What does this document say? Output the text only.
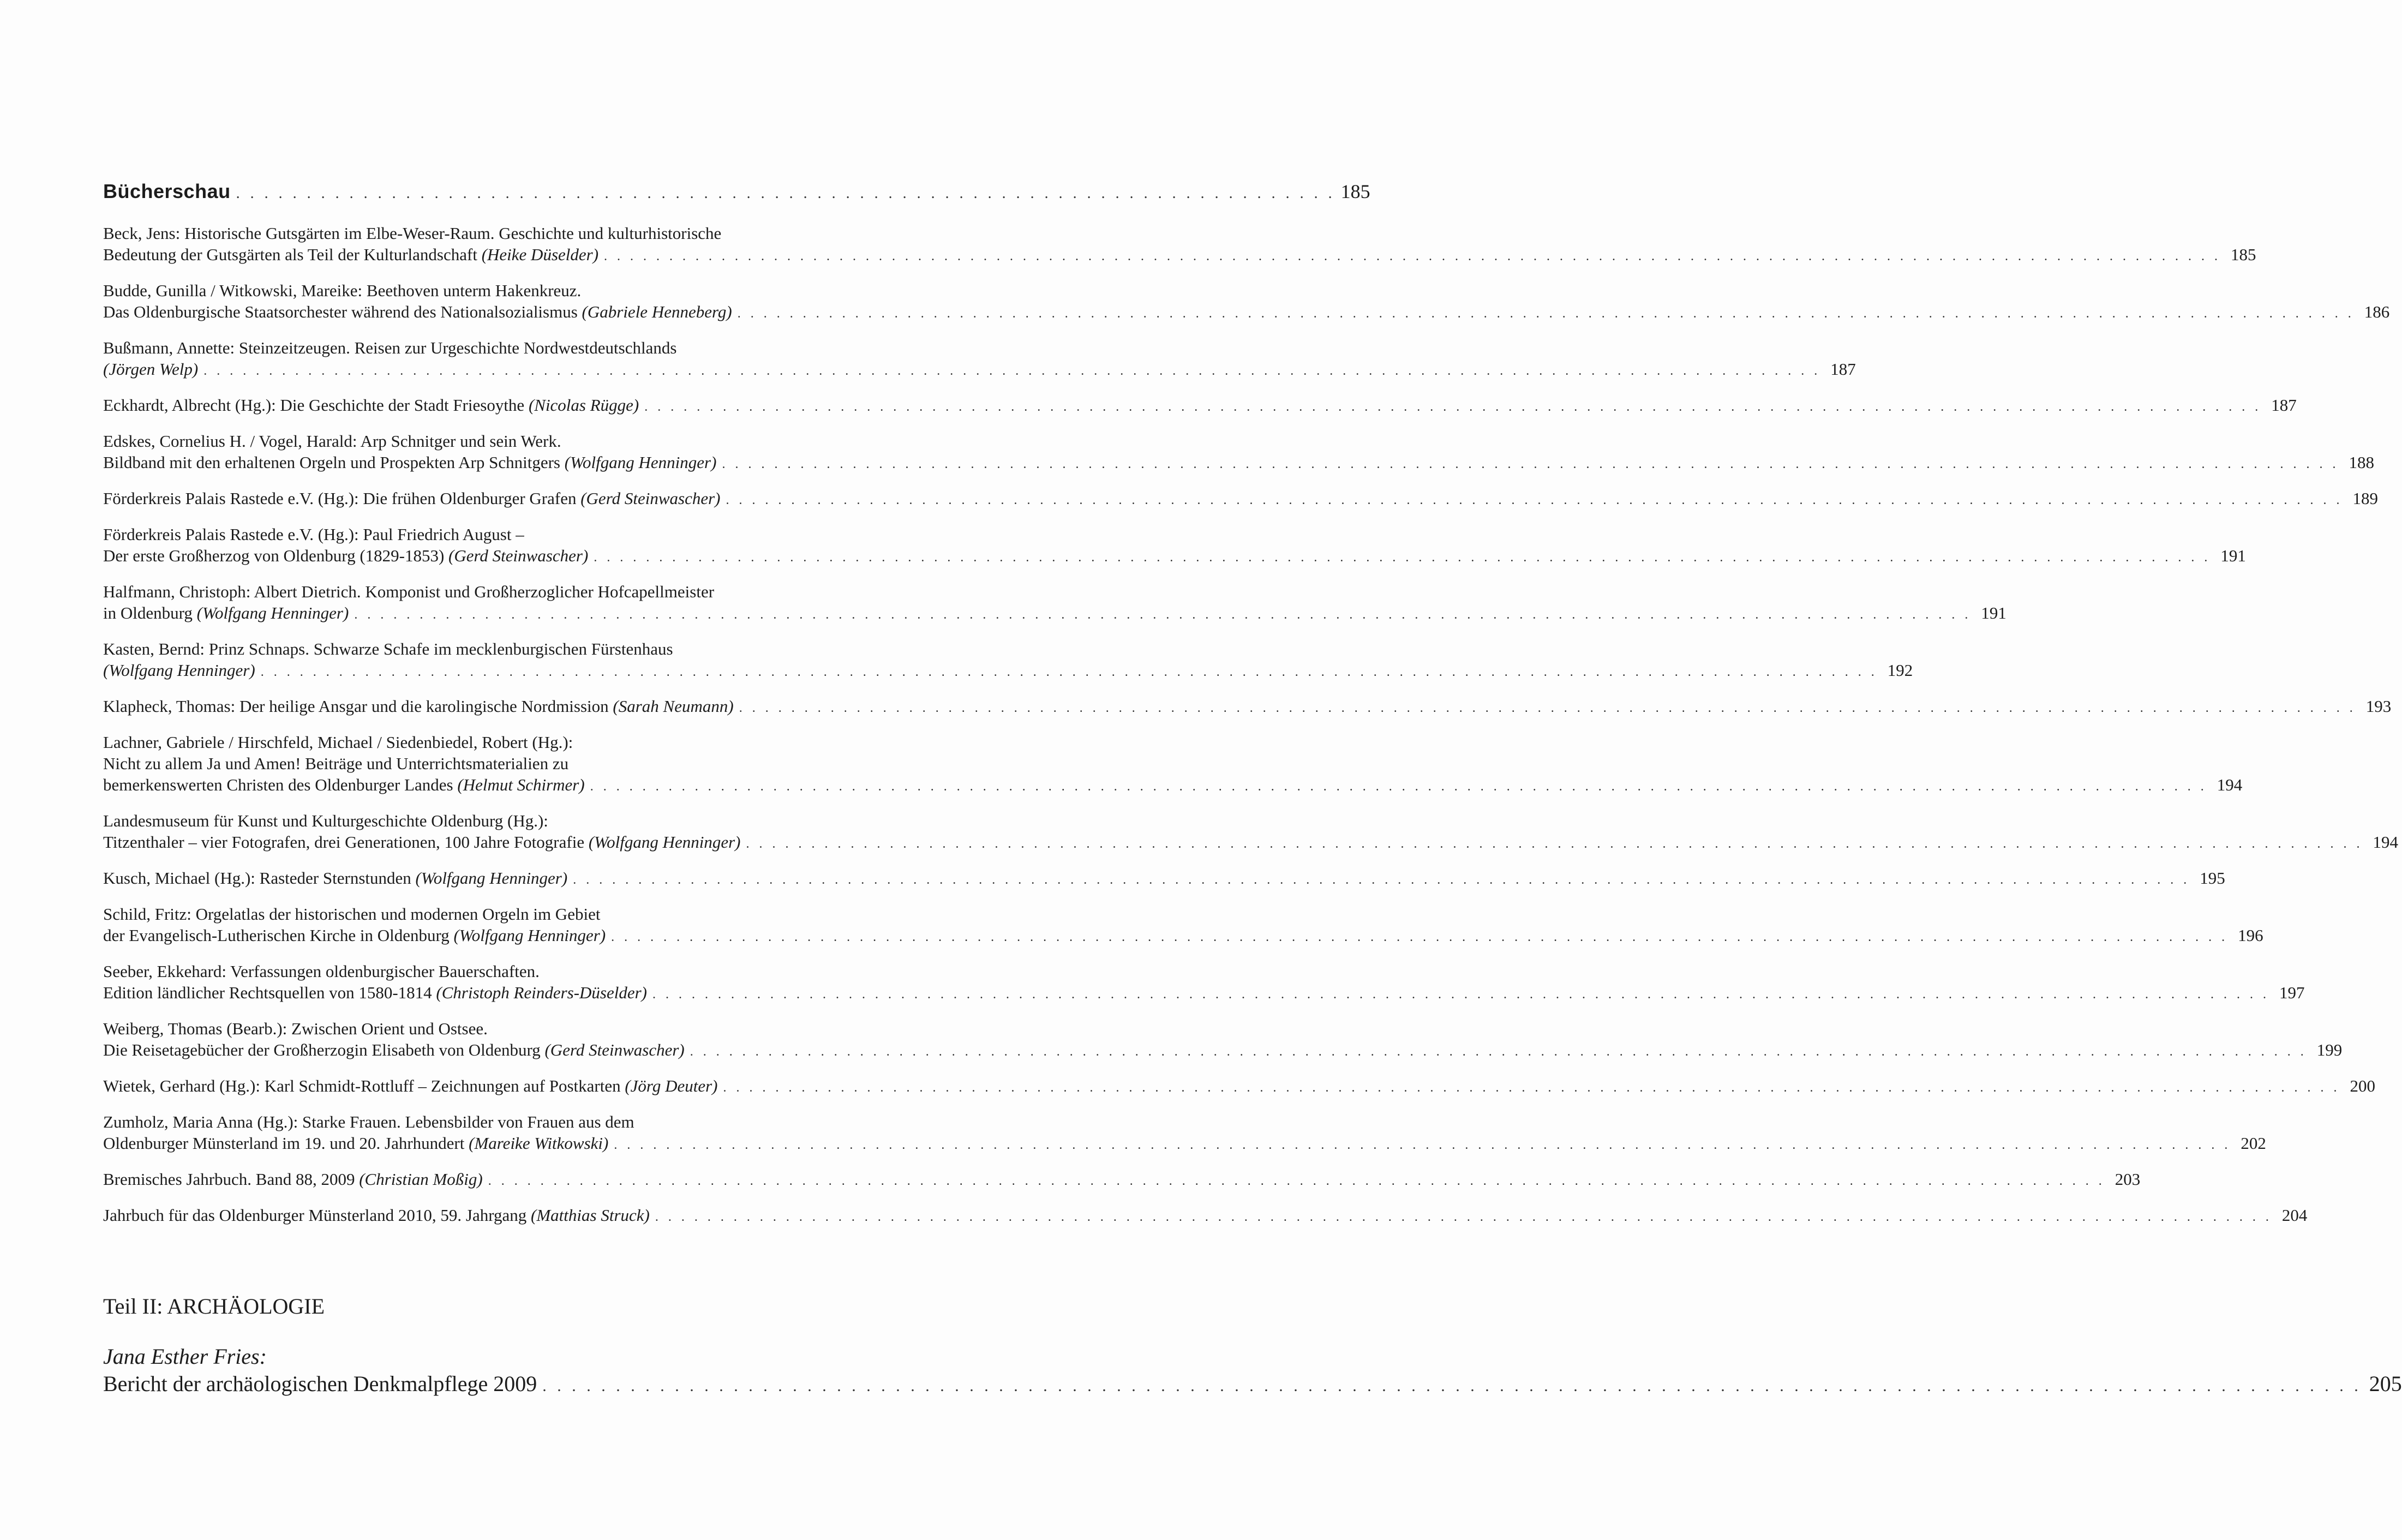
Bücherschau . . . . . . . . . . . . . . . . . . . . . . . . . . . . . . . . . . . . . . . . . . . . . . . . . . . . . . . . . . . . . . . . . . . . . . . . . . . . . . 185
Beck, Jens: Historische Gutsgärten im Elbe-Weser-Raum. Geschichte und kulturhistorische
Bedeutung der Gutsgärten als Teil der Kulturlandschaft (Heike Düselder) . . . . . . . . . . . . . . . . . . . . . . . . . . . . . . . . . . . . . . . . . . . . . . . . . . . . . . . . . . . . . . . . . . . . . . . . . . . . . . . . . . . . . . . . . . . . . . . . . . . . . . . . . . . . . . . . . . . . . . . . . . . . 185
Budde, Gunilla / Witkowski, Mareike: Beethoven unterm Hakenkreuz.
Das Oldenburgische Staatsorchester während des Nationalsozialismus (Gabriele Henneberg) . . . . . . . . . . . . . . . . . . . . . . . . . . . . . . . . . . . . . . . . . . . . . . . . . . . . . . . . . . . . . . . . . . . . . . . . . . . . . . . . . . . . . . . . . . . . . . . . . . . . . . . . . . . . . . . . . . . . . . . . . . . . 186
Bußmann, Annette: Steinzeitzeugen. Reisen zur Urgeschichte Nordwestdeutschlands
(Jörgen Welp) . . . . . . . . . . . . . . . . . . . . . . . . . . . . . . . . . . . . . . . . . . . . . . . . . . . . . . . . . . . . . . . . . . . . . . . . . . . . . . . . . . . . . . . . . . . . . . . . . . . . . . . . . . . . . . . . . . . . . . . . . . . . 187
Eckhardt, Albrecht (Hg.): Die Geschichte der Stadt Friesoythe (Nicolas Rügge) . . . . . . . . . . . . . . . . . . . . . . . . . . . . . . . . . . . . . . . . . . . . . . . . . . . . . . . . . . . . . . . . . . . . . . . . . . . . . . . . . . . . . . . . . . . . . . . . . . . . . . . . . . . . . . . . . . . . . . . . . . . . 187
Edskes, Cornelius H. / Vogel, Harald: Arp Schnitger und sein Werk.
Bildband mit den erhaltenen Orgeln und Prospekten Arp Schnitgers (Wolfgang Henninger) . . . . . . . . . . . . . . . . . . . . . . . . . . . . . . . . . . . . . . . . . . . . . . . . . . . . . . . . . . . . . . . . . . . . . . . . . . . . . . . . . . . . . . . . . . . . . . . . . . . . . . . . . . . . . . . . . . . . . . . . . . . . 188
Förderkreis Palais Rastede e.V. (Hg.): Die frühen Oldenburger Grafen (Gerd Steinwascher) . . . . . . . . . . . . . . . . . . . . . . . . . . . . . . . . . . . . . . . . . . . . . . . . . . . . . . . . . . . . . . . . . . . . . . . . . . . . . . . . . . . . . . . . . . . . . . . . . . . . . . . . . . . . . . . . . . . . . . . . . . . . 189
Förderkreis Palais Rastede e.V. (Hg.): Paul Friedrich August –
Der erste Großherzog von Oldenburg (1829-1853) (Gerd Steinwascher) . . . . . . . . . . . . . . . . . . . . . . . . . . . . . . . . . . . . . . . . . . . . . . . . . . . . . . . . . . . . . . . . . . . . . . . . . . . . . . . . . . . . . . . . . . . . . . . . . . . . . . . . . . . . . . . . . . . . . . . . . . . . 191
Halfmann, Christoph: Albert Dietrich. Komponist und Großherzoglicher Hofcapellmeister
in Oldenburg (Wolfgang Henninger) . . . . . . . . . . . . . . . . . . . . . . . . . . . . . . . . . . . . . . . . . . . . . . . . . . . . . . . . . . . . . . . . . . . . . . . . . . . . . . . . . . . . . . . . . . . . . . . . . . . . . . . . . . . . . . . . . . . . . . . . . . . . 191
Kasten, Bernd: Prinz Schnaps. Schwarze Schafe im mecklenburgischen Fürstenhaus
(Wolfgang Henninger) . . . . . . . . . . . . . . . . . . . . . . . . . . . . . . . . . . . . . . . . . . . . . . . . . . . . . . . . . . . . . . . . . . . . . . . . . . . . . . . . . . . . . . . . . . . . . . . . . . . . . . . . . . . . . . . . . . . . . . . . . . . . 192
Klapheck, Thomas: Der heilige Ansgar und die karolingische Nordmission (Sarah Neumann) . . . . . . . . . . . . . . . . . . . . . . . . . . . . . . . . . . . . . . . . . . . . . . . . . . . . . . . . . . . . . . . . . . . . . . . . . . . . . . . . . . . . . . . . . . . . . . . . . . . . . . . . . . . . . . . . . . . . . . . . . . . . 193
Lachner, Gabriele / Hirschfeld, Michael / Siedenbiedel, Robert (Hg.):
Nicht zu allem Ja und Amen! Beiträge und Unterrichtsmaterialien zu
bemerkenswerten Christen des Oldenburger Landes (Helmut Schirmer) . . . . . . . . . . . . . . . . . . . . . . . . . . . . . . . . . . . . . . . . . . . . . . . . . . . . . . . . . . . . . . . . . . . . . . . . . . . . . . . . . . . . . . . . . . . . . . . . . . . . . . . . . . . . . . . . . . . . . . . . . . . . 194
Landesmuseum für Kunst und Kulturgeschichte Oldenburg (Hg.):
Titzenthaler – vier Fotografen, drei Generationen, 100 Jahre Fotografie (Wolfgang Henninger) . . . . . . . . . . . . . . . . . . . . . . . . . . . . . . . . . . . . . . . . . . . . . . . . . . . . . . . . . . . . . . . . . . . . . . . . . . . . . . . . . . . . . . . . . . . . . . . . . . . . . . . . . . . . . . . . . . . . . . . . . . . . 194
Kusch, Michael (Hg.): Rasteder Sternstunden (Wolfgang Henninger) . . . . . . . . . . . . . . . . . . . . . . . . . . . . . . . . . . . . . . . . . . . . . . . . . . . . . . . . . . . . . . . . . . . . . . . . . . . . . . . . . . . . . . . . . . . . . . . . . . . . . . . . . . . . . . . . . . . . . . . . . . . . 195
Schild, Fritz: Orgelatlas der historischen und modernen Orgeln im Gebiet
der Evangelisch-Lutherischen Kirche in Oldenburg (Wolfgang Henninger) . . . . . . . . . . . . . . . . . . . . . . . . . . . . . . . . . . . . . . . . . . . . . . . . . . . . . . . . . . . . . . . . . . . . . . . . . . . . . . . . . . . . . . . . . . . . . . . . . . . . . . . . . . . . . . . . . . . . . . . . . . . . 196
Seeber, Ekkehard: Verfassungen oldenburgischer Bauerschaften.
Edition ländlicher Rechtsquellen von 1580-1814 (Christoph Reinders-Düselder) . . . . . . . . . . . . . . . . . . . . . . . . . . . . . . . . . . . . . . . . . . . . . . . . . . . . . . . . . . . . . . . . . . . . . . . . . . . . . . . . . . . . . . . . . . . . . . . . . . . . . . . . . . . . . . . . . . . . . . . . . . . . 197
Weiberg, Thomas (Bearb.): Zwischen Orient und Ostsee.
Die Reisetagebücher der Großherzogin Elisabeth von Oldenburg (Gerd Steinwascher) . . . . . . . . . . . . . . . . . . . . . . . . . . . . . . . . . . . . . . . . . . . . . . . . . . . . . . . . . . . . . . . . . . . . . . . . . . . . . . . . . . . . . . . . . . . . . . . . . . . . . . . . . . . . . . . . . . . . . . . . . . . . 199
Wietek, Gerhard (Hg.): Karl Schmidt-Rottluff – Zeichnungen auf Postkarten (Jörg Deuter) . . . . . . . . . . . . . . . . . . . . . . . . . . . . . . . . . . . . . . . . . . . . . . . . . . . . . . . . . . . . . . . . . . . . . . . . . . . . . . . . . . . . . . . . . . . . . . . . . . . . . . . . . . . . . . . . . . . . . . . . . . . . 200
Zumholz, Maria Anna (Hg.): Starke Frauen. Lebensbilder von Frauen aus dem
Oldenburger Münsterland im 19. und 20. Jahrhundert (Mareike Witkowski) . . . . . . . . . . . . . . . . . . . . . . . . . . . . . . . . . . . . . . . . . . . . . . . . . . . . . . . . . . . . . . . . . . . . . . . . . . . . . . . . . . . . . . . . . . . . . . . . . . . . . . . . . . . . . . . . . . . . . . . . . . . . 202
Bremisches Jahrbuch. Band 88, 2009 (Christian Moßig) . . . . . . . . . . . . . . . . . . . . . . . . . . . . . . . . . . . . . . . . . . . . . . . . . . . . . . . . . . . . . . . . . . . . . . . . . . . . . . . . . . . . . . . . . . . . . . . . . . . . . . . . . . . . . . . . . . . . . . . . . . . . 203
Jahrbuch für das Oldenburger Münsterland 2010, 59. Jahrgang (Matthias Struck) . . . . . . . . . . . . . . . . . . . . . . . . . . . . . . . . . . . . . . . . . . . . . . . . . . . . . . . . . . . . . . . . . . . . . . . . . . . . . . . . . . . . . . . . . . . . . . . . . . . . . . . . . . . . . . . . . . . . . . . . . . . . 204
Teil II: ARCHÄOLOGIE
Jana Esther Fries:
Bericht der archäologischen Denkmalpflege 2009 . . . . . . . . . . . . . . . . . . . . . . . . . . . . . . . . . . . . . . . . . . . . . . . . . . . . . . . . . . . . . . . . . . . . . . . . . . . . . . . . . . . . . . . . . . . . . . . . . . . . . . . . . . . . . . . . . . . . . . . . . . . . 205
